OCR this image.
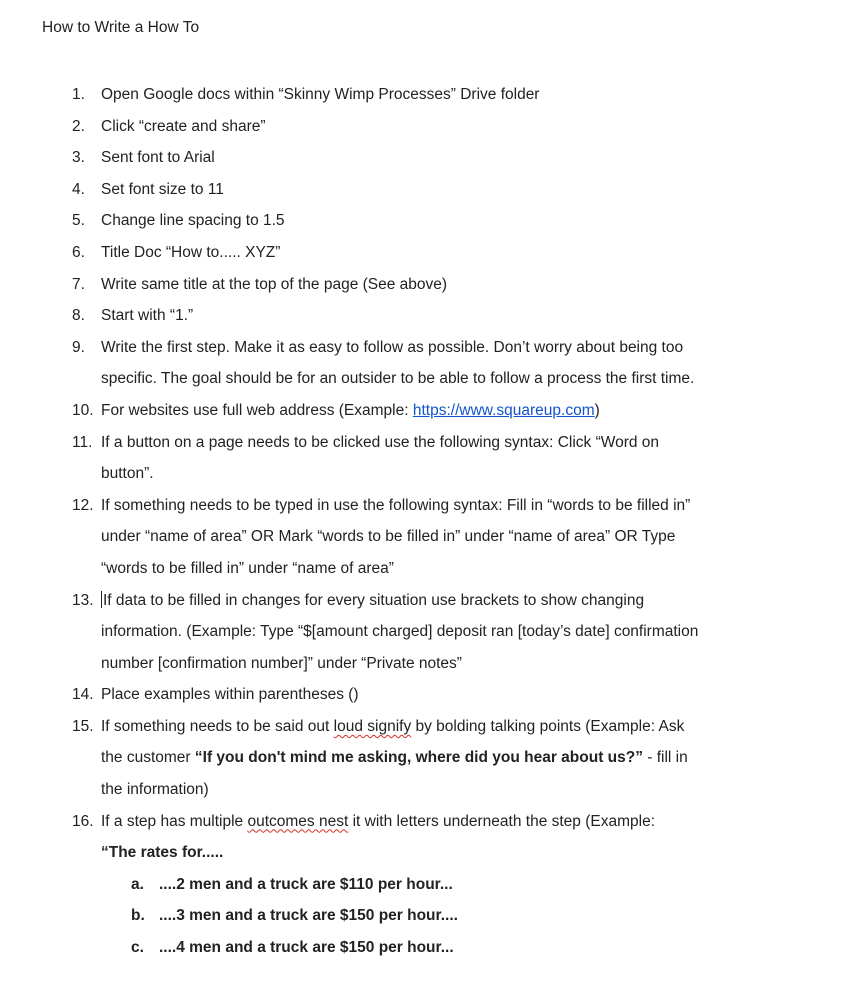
How to Write a How To
1.	Open Google docs within “Skinny Wimp Processes” Drive folder
2.	Click “create and share”
3.	Sent font to Arial
4.	Set font size to 11
5.	Change line spacing to 1.5
6.	Title Doc “How to..... XYZ”
7.	Write same title at the top of the page (See above)
8.	Start with “1.”
9.	Write the first step. Make it as easy to follow as possible. Don’t worry about being too
specific. The goal should be for an outsider to be able to follow a process the first time.
10. For websites use full web address (Example: https://www.squareup.com)
11. If a button on a page needs to be clicked use the following syntax: Click “Word on
button”.
12. If something needs to be typed in use the following syntax: Fill in “words to be filled in”
under “name of area” OR Mark “words to be filled in” under “name of area” OR Type
“words to be filled in” under “name of area”
13. If data to be filled in changes for every situation use brackets to show changing
information. (Example: Type “$[amount charged] deposit ran [today’s date] confirmation
number [confirmation number]” under “Private notes”
14. Place examples within parentheses ()
15. If something needs to be said out loud signify by bolding talking points (Example: Ask
the customer “If you don't mind me asking, where did you hear about us?” - fill in
the information)
16. If a step has multiple outcomes nest it with letters underneath the step (Example:
“The rates for.....
a. ....2 men and a truck are $110 per hour...
b. ....3 men and a truck are $150 per hour....
c. ....4 men and a truck are $150 per hour...
